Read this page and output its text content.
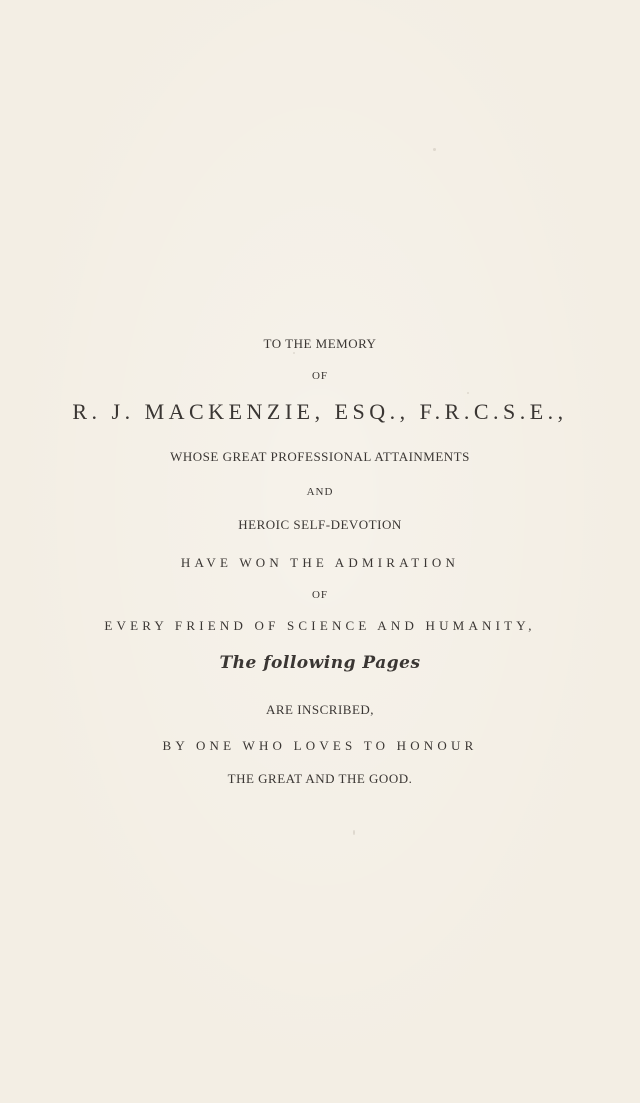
TO THE MEMORY
OF
R. J. MACKENZIE, ESQ., F.R.C.S.E.,
WHOSE GREAT PROFESSIONAL ATTAINMENTS
AND
HEROIC SELF-DEVOTION
HAVE WON THE ADMIRATION
OF
EVERY FRIEND OF SCIENCE AND HUMANITY,
The following Pages
ARE INSCRIBED,
BY ONE WHO LOVES TO HONOUR
THE GREAT AND THE GOOD.
